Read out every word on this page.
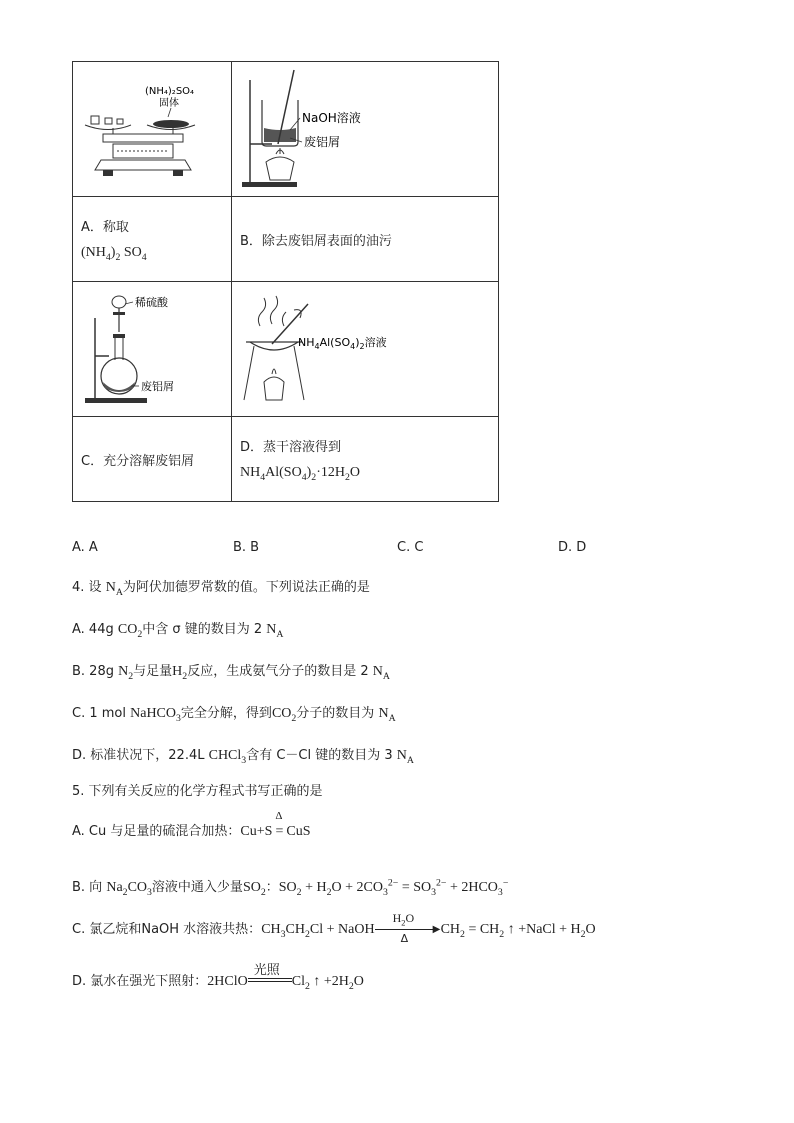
(NH₄)₂SO₄
固体	NaOH溶液
废铝屑

A．称取
$(NH_4)_2$ $SO_4$	B．除去废铝屑表面的油污

稀硫酸
废铝屑	$NH_4Al(SO_4)_2$溶液

C．充分溶解废铝屑	D．蒸干溶液得到
$NH_4Al(SO_4)_2\cdot 12H_2O$
A. A	B. B	C. C	D. D
4. 设 $N_A$为阿伏加德罗常数的值。下列说法正确的是
A. 44g $CO_2$中含 σ 键的数目为 2 $N_A$
B. 28g $N_2$与足量$H_2$反应，生成氨气分子的数目是 2 $N_A$
C. 1 mol NaHCO$_3$完全分解，得到$CO_2$分子的数目为 $N_A$
D. 标准状况下，22.4L CHCl$_3$含有 C－Cl 键的数目为 3 $N_A$
5. 下列有关反应的化学方程式书写正确的是
A. Cu 与足量的硫混合加热：Cu+S
Δ
= CuS
B. 向 $Na_2CO_3$溶液中通入少量$SO_2$：$SO_2 + H_2O + 2CO_3^{2-} = SO_3^{2-} + 2HCO_3^-$
C. 氯乙烷和NaOH 水溶液共热：$CH_3CH_2Cl$ + NaOH
$H_2O$
▶
Δ
$CH_2 = CH_2$ ↑ +NaCl + $H_2O$
D. 氯水在强光下照射：2HClO
光照
$Cl_2$ ↑ $+2H_2O$
